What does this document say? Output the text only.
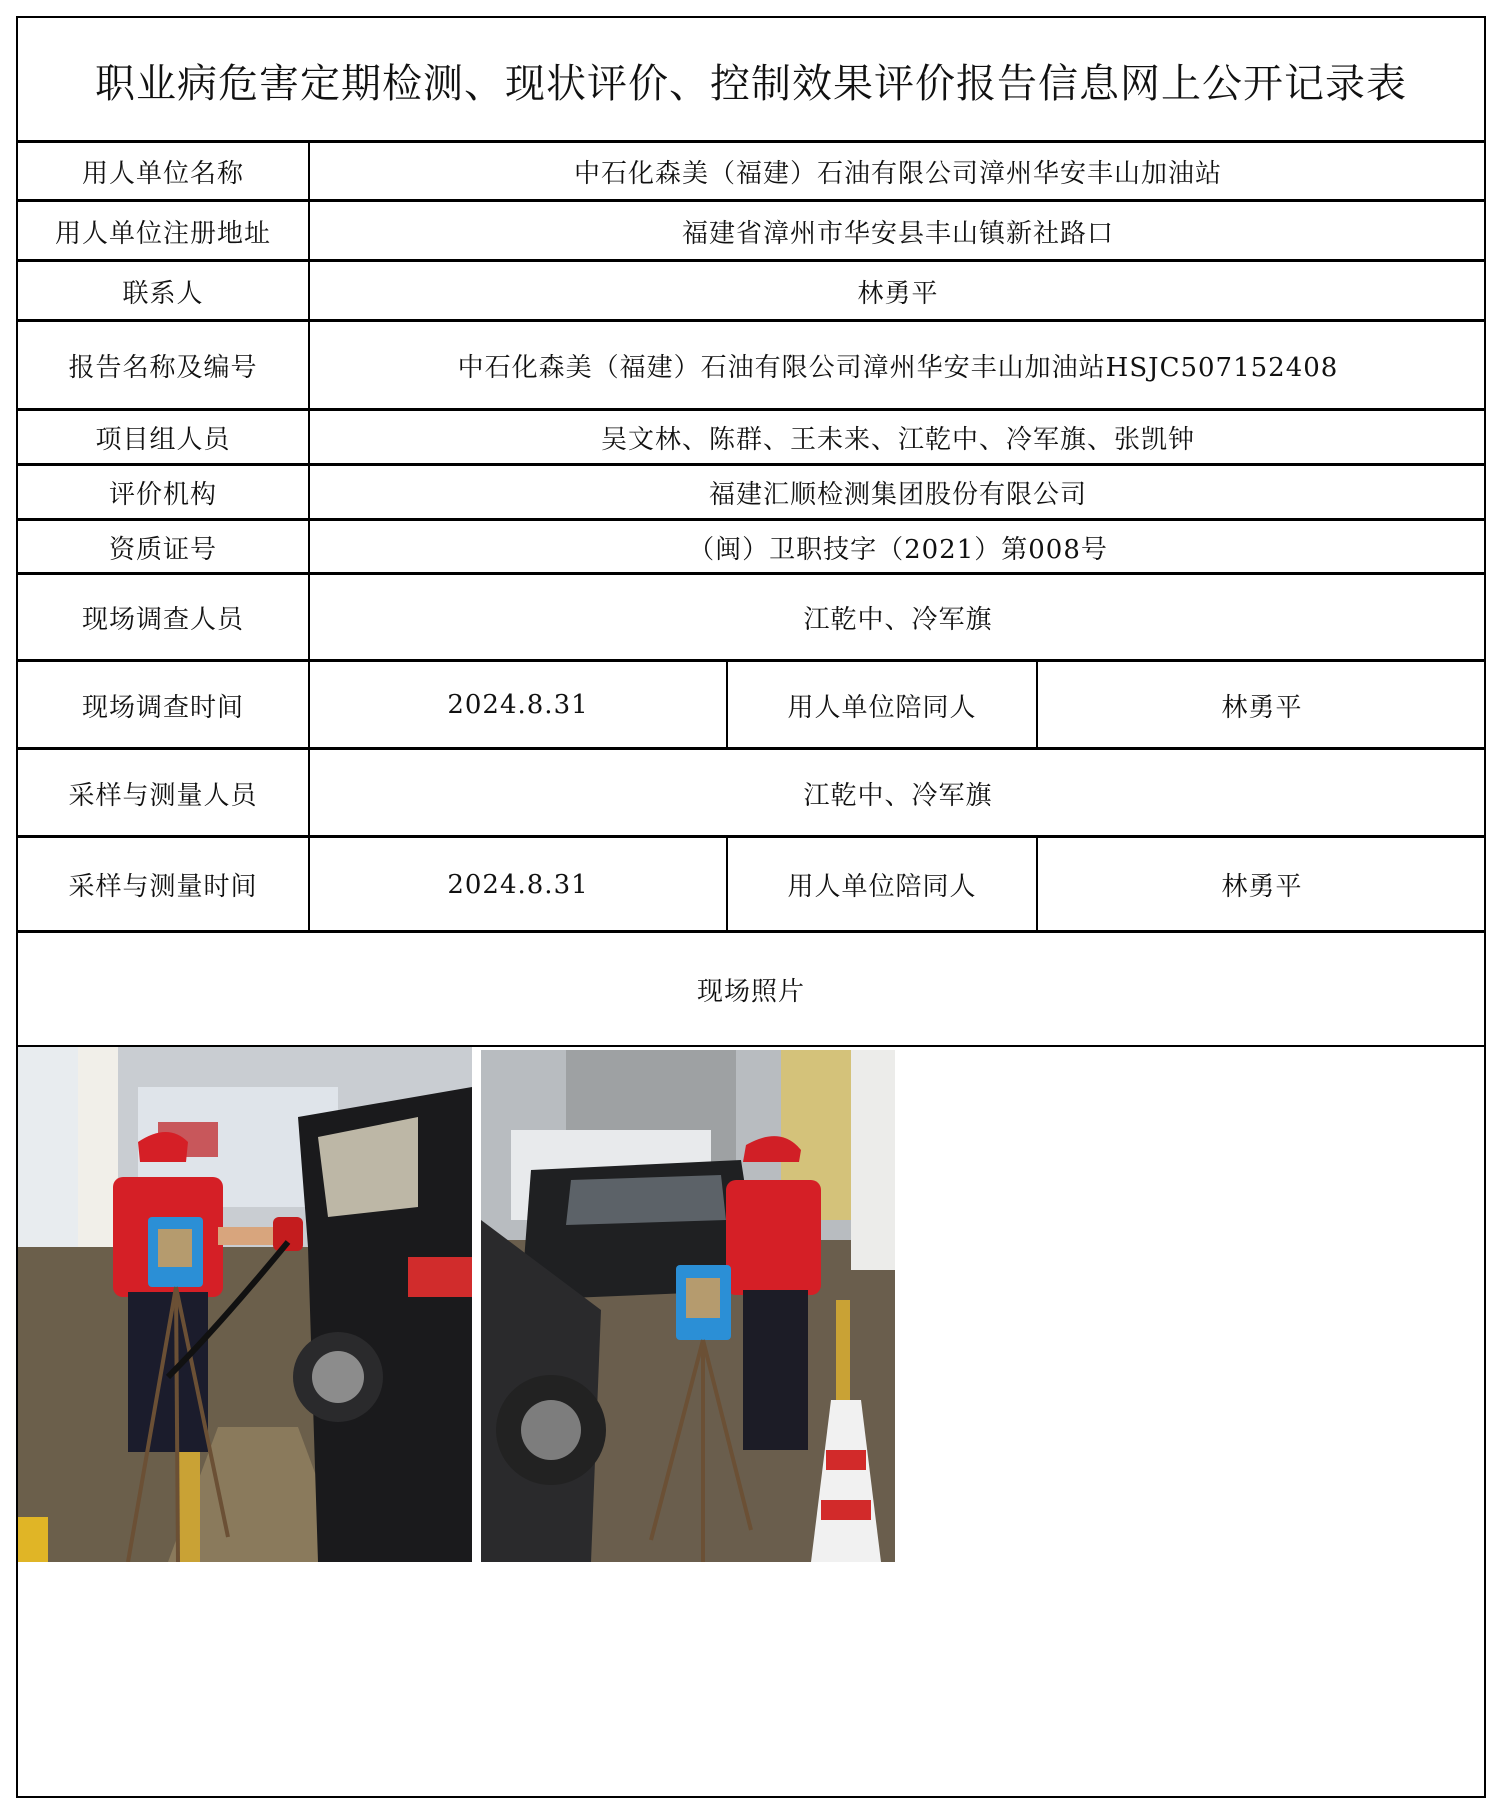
职业病危害定期检测、现状评价、控制效果评价报告信息网上公开记录表
用人单位名称	中石化森美（福建）石油有限公司漳州华安丰山加油站
用人单位注册地址	福建省漳州市华安县丰山镇新社路口
联系人	林勇平
报告名称及编号	中石化森美（福建）石油有限公司漳州华安丰山加油站HSJC507152408
项目组人员	吴文林、陈群、王未来、江乾中、冷军旗、张凯钟
评价机构	福建汇顺检测集团股份有限公司
资质证号	（闽）卫职技字（2021）第008号
现场调查人员	江乾中、冷军旗
现场调查时间	2024.8.31	用人单位陪同人	林勇平
采样与测量人员	江乾中、冷军旗
采样与测量时间	2024.8.31	用人单位陪同人	林勇平
现场照片
